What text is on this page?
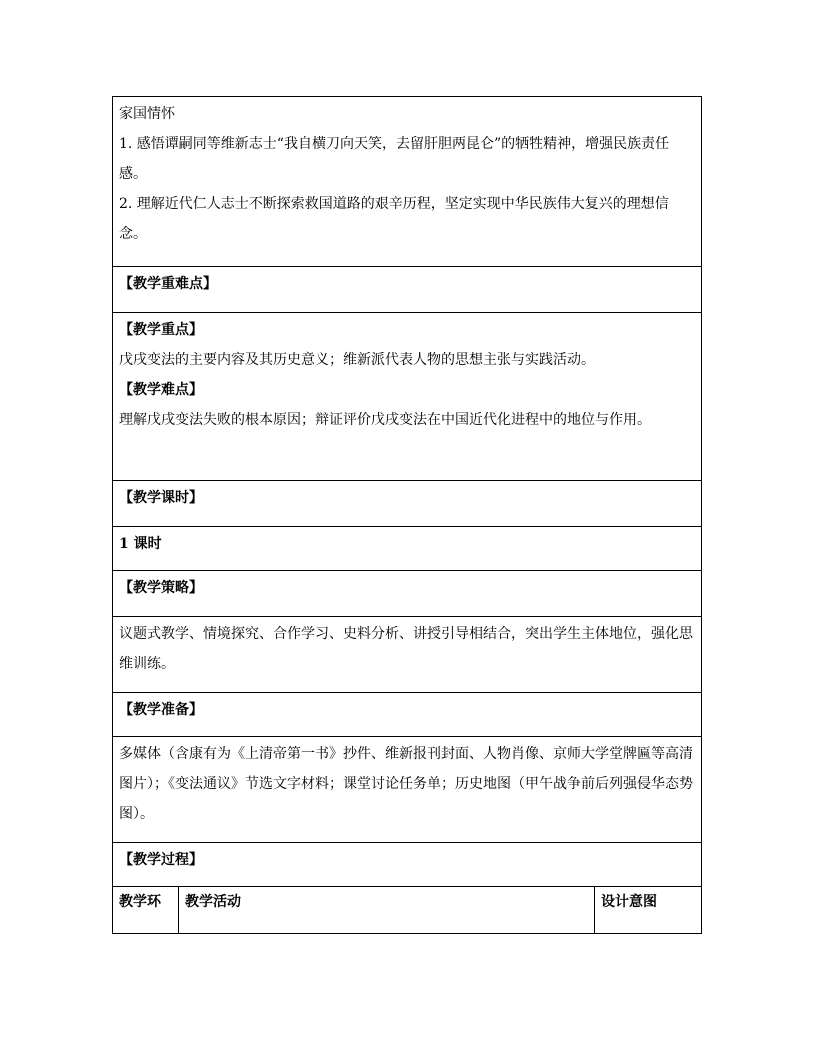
家国情怀

1. 感悟谭嗣同等维新志士“我自横刀向天笑，去留肝胆两昆仑”的牺牲精神，增强民族责任感。

2. 理解近代仁人志士不断探索救国道路的艰辛历程，坚定实现中华民族伟大复兴的理想信念。

【教学重难点】

【教学重点】

戊戌变法的主要内容及其历史意义；维新派代表人物的思想主张与实践活动。

【教学难点】

理解戊戌变法失败的根本原因；辩证评价戊戌变法在中国近代化进程中的地位与作用。

【教学课时】
1 课时
【教学策略】

议题式教学、情境探究、合作学习、史料分析、讲授引导相结合，突出学生主体地位，强化思维训练。

【教学准备】

多媒体（含康有为《上清帝第一书》抄件、维新报刊封面、人物肖像、京师大学堂牌匾等高清图片）；《变法通议》节选文字材料；课堂讨论任务单；历史地图（甲午战争前后列强侵华态势图）。

【教学过程】
教学环	教学活动	设计意图
